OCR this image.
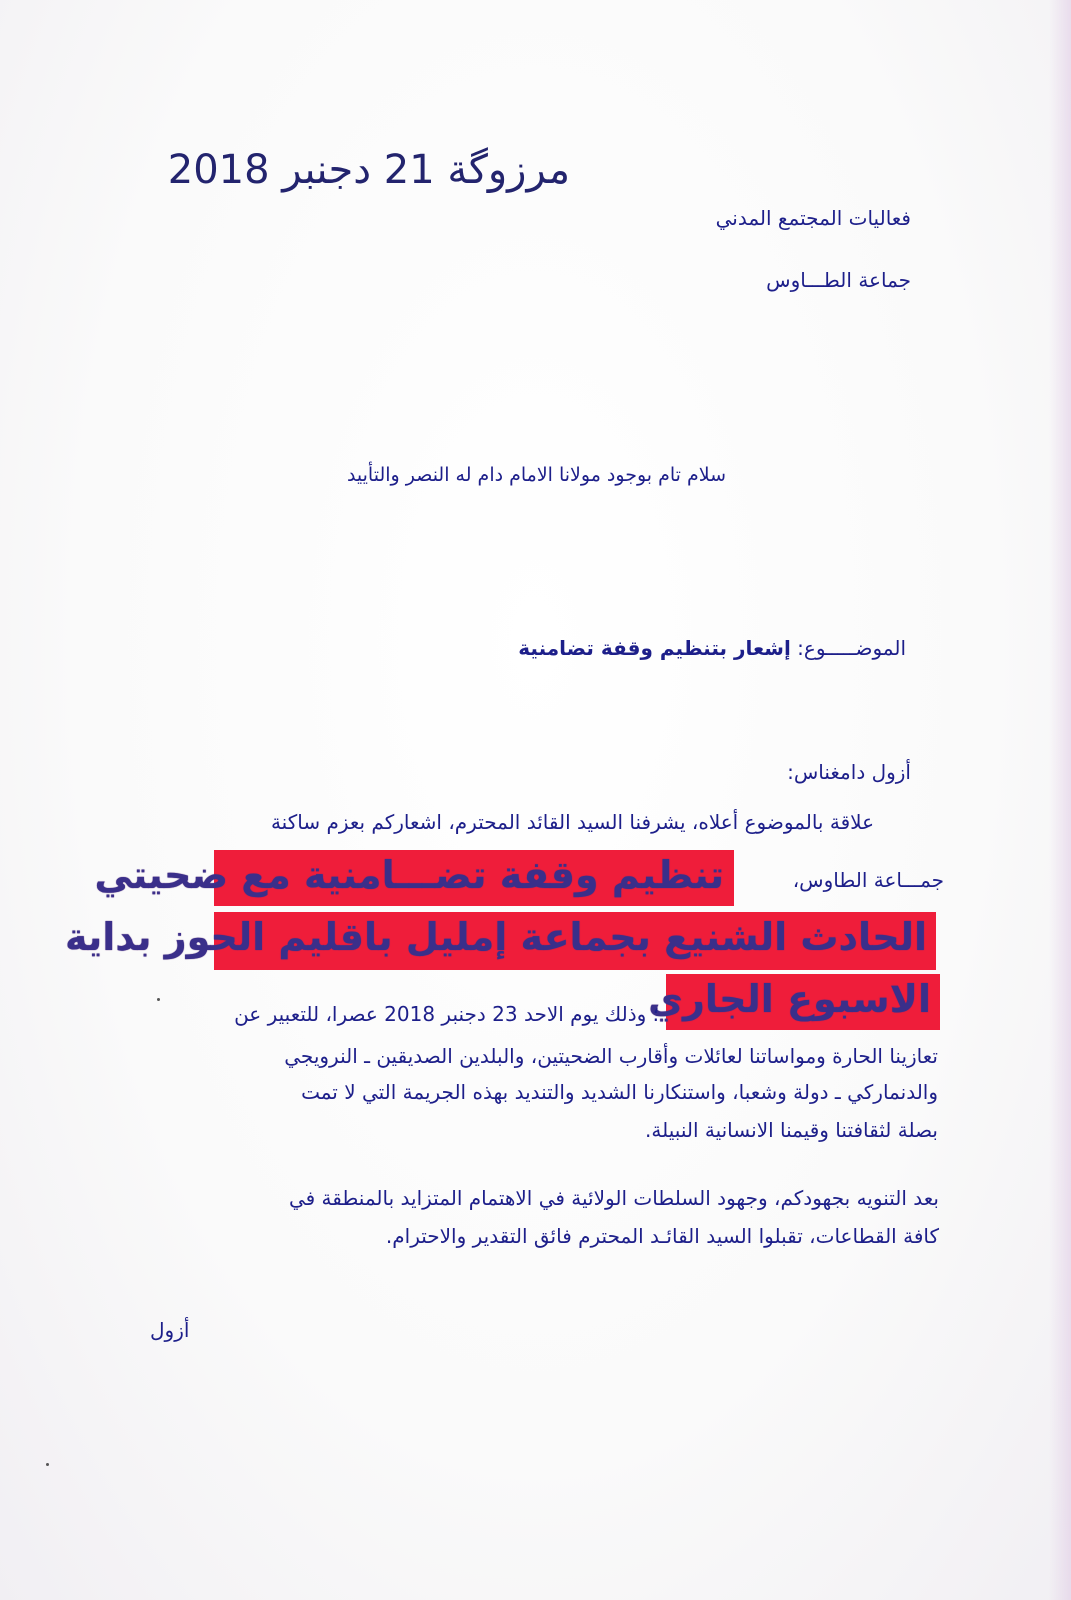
مرزوگة 21 دجنبر 2018
فعاليات المجتمع المدني
جماعة الطـــاوس
سلام تام بوجود مولانا الامام دام له النصر والتأييد
الموضـــــوع: إشعار بتنظيم وقفة تضامنية
أزول دامغناس:
علاقة بالموضوع أعلاه، يشرفنا السيد القائد المحترم، اشعاركم بعزم ساكنة
جمـــاعة الطاوس،
تنظيم وقفة تضـــامنية مع ضحيتي
الحادث الشنيع بجماعة إمليل باقليم الحوز بداية
الاسبوع الجاري
؛ وذلك يوم الاحد 23 دجنبر 2018 عصرا، للتعبير عن
تعازينا الحارة ومواساتنا لعائلات وأقارب الضحيتين، والبلدين الصديقين ـ النرويجي
والدنماركي ـ دولة وشعبا، واستنكارنا الشديد والتنديد بهذه الجريمة التي لا تمت
بصلة لثقافتنا وقيمنا الانسانية النبيلة.
بعد التنويه بجهودكم، وجهود السلطات الولائية في الاهتمام المتزايد بالمنطقة في
كافة القطاعات، تقبلوا السيد القائـد المحترم فائق التقدير والاحترام.
أزول
